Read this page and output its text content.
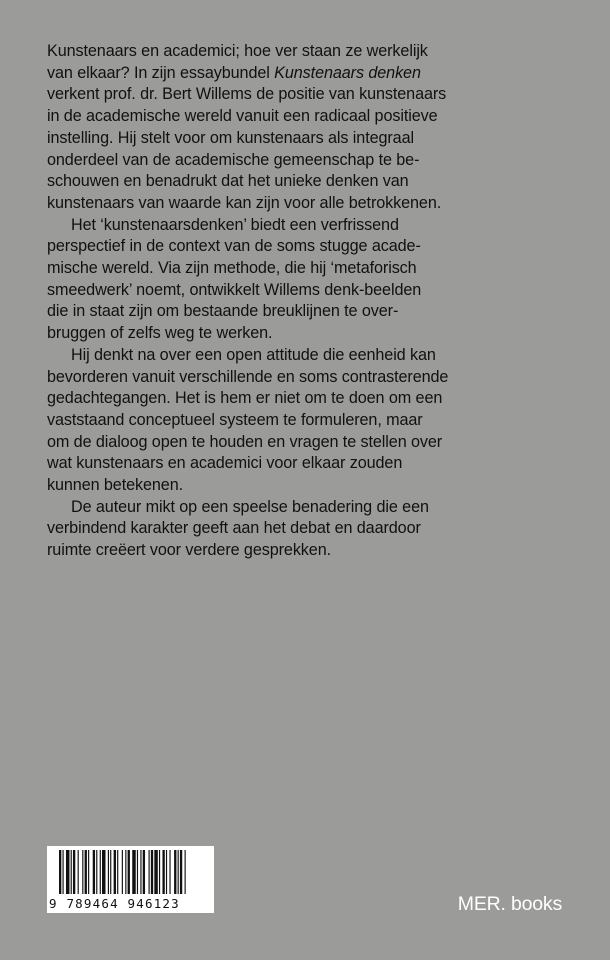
Kunstenaars en academici; hoe ver staan ze werkelijk
van elkaar? In zijn essaybundel Kunstenaars denken
verkent prof. dr. Bert Willems de positie van kunstenaars
in de academische wereld vanuit een radicaal positieve
instelling. Hij stelt voor om kunstenaars als integraal
onderdeel van de academische gemeenschap te be-
schouwen en benadrukt dat het unieke denken van
kunstenaars van waarde kan zijn voor alle betrokkenen.

Het ‘kunstenaarsdenken’ biedt een verfrissend
perspectief in de context van de soms stugge acade-
mische wereld. Via zijn methode, die hij ‘metaforisch
smeedwerk’ noemt, ontwikkelt Willems denk-beelden
die in staat zijn om bestaande breuklijnen te over-
bruggen of zelfs weg te werken.

Hij denkt na over een open attitude die eenheid kan
bevorderen vanuit verschillende en soms contrasterende
gedachtegangen. Het is hem er niet om te doen om een
vaststaand conceptueel systeem te formuleren, maar
om de dialoog open te houden en vragen te stellen over
wat kunstenaars en academici voor elkaar zouden
kunnen betekenen.

De auteur mikt op een speelse benadering die een
verbindend karakter geeft aan het debat en daardoor
ruimte creëert voor verdere gesprekken.

9 789464 946123	MER. books
